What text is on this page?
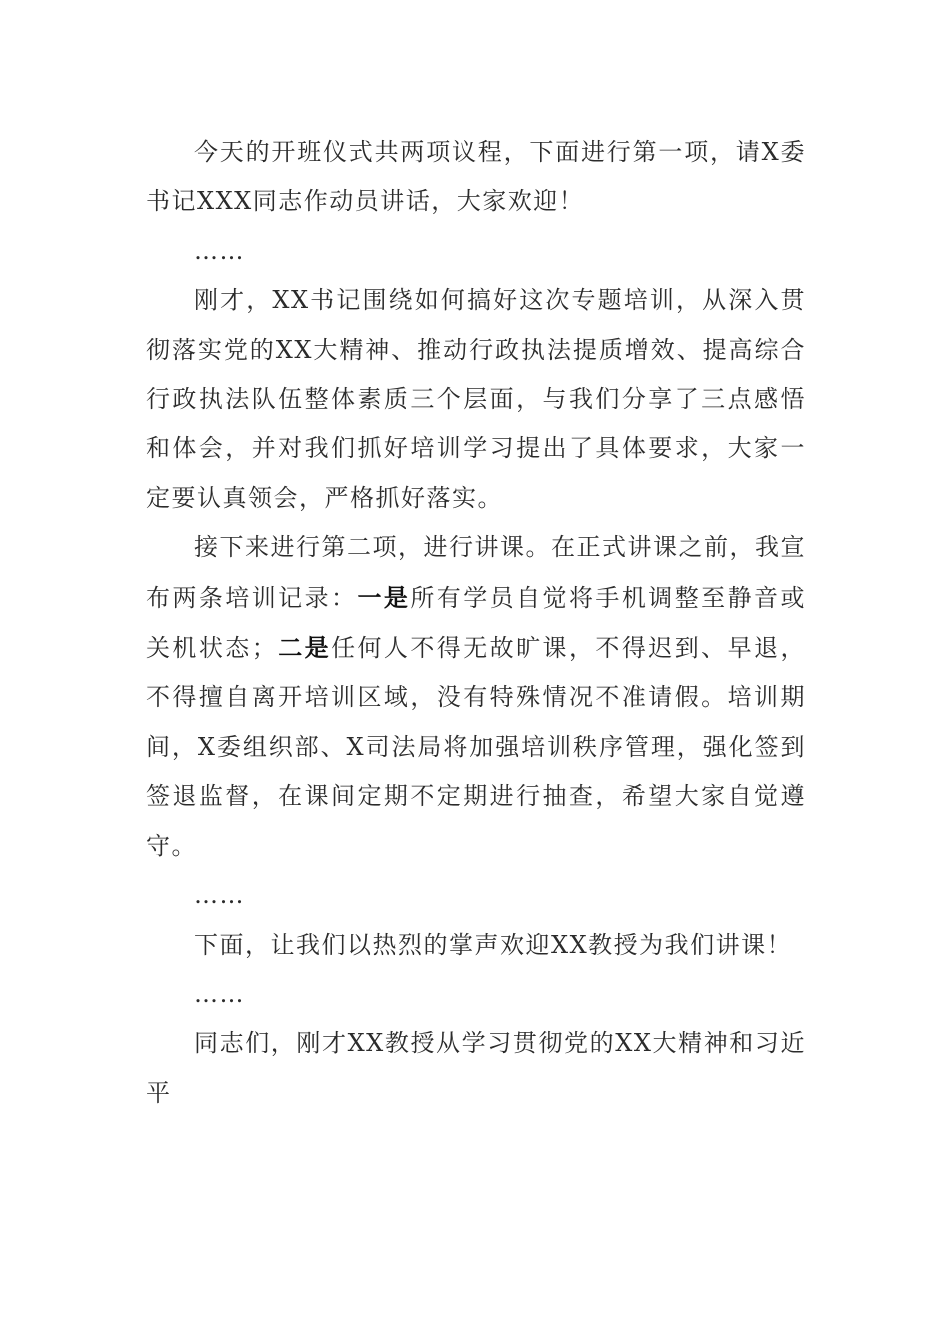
今天的开班仪式共两项议程，下面进行第一项，请X委书记XXX同志作动员讲话，大家欢迎！

……

刚才，XX书记围绕如何搞好这次专题培训，从深入贯彻落实党的XX大精神、推动行政执法提质增效、提高综合行政执法队伍整体素质三个层面，与我们分享了三点感悟和体会，并对我们抓好培训学习提出了具体要求，大家一定要认真领会，严格抓好落实。

接下来进行第二项，进行讲课。在正式讲课之前，我宣布两条培训记录：一是所有学员自觉将手机调整至静音或关机状态；二是任何人不得无故旷课，不得迟到、早退，不得擅自离开培训区域，没有特殊情况不准请假。培训期间，X委组织部、X司法局将加强培训秩序管理，强化签到签退监督，在课间定期不定期进行抽查，希望大家自觉遵守。

……

下面，让我们以热烈的掌声欢迎XX教授为我们讲课！

……

同志们，刚才XX教授从学习贯彻党的XX大精神和习近平
